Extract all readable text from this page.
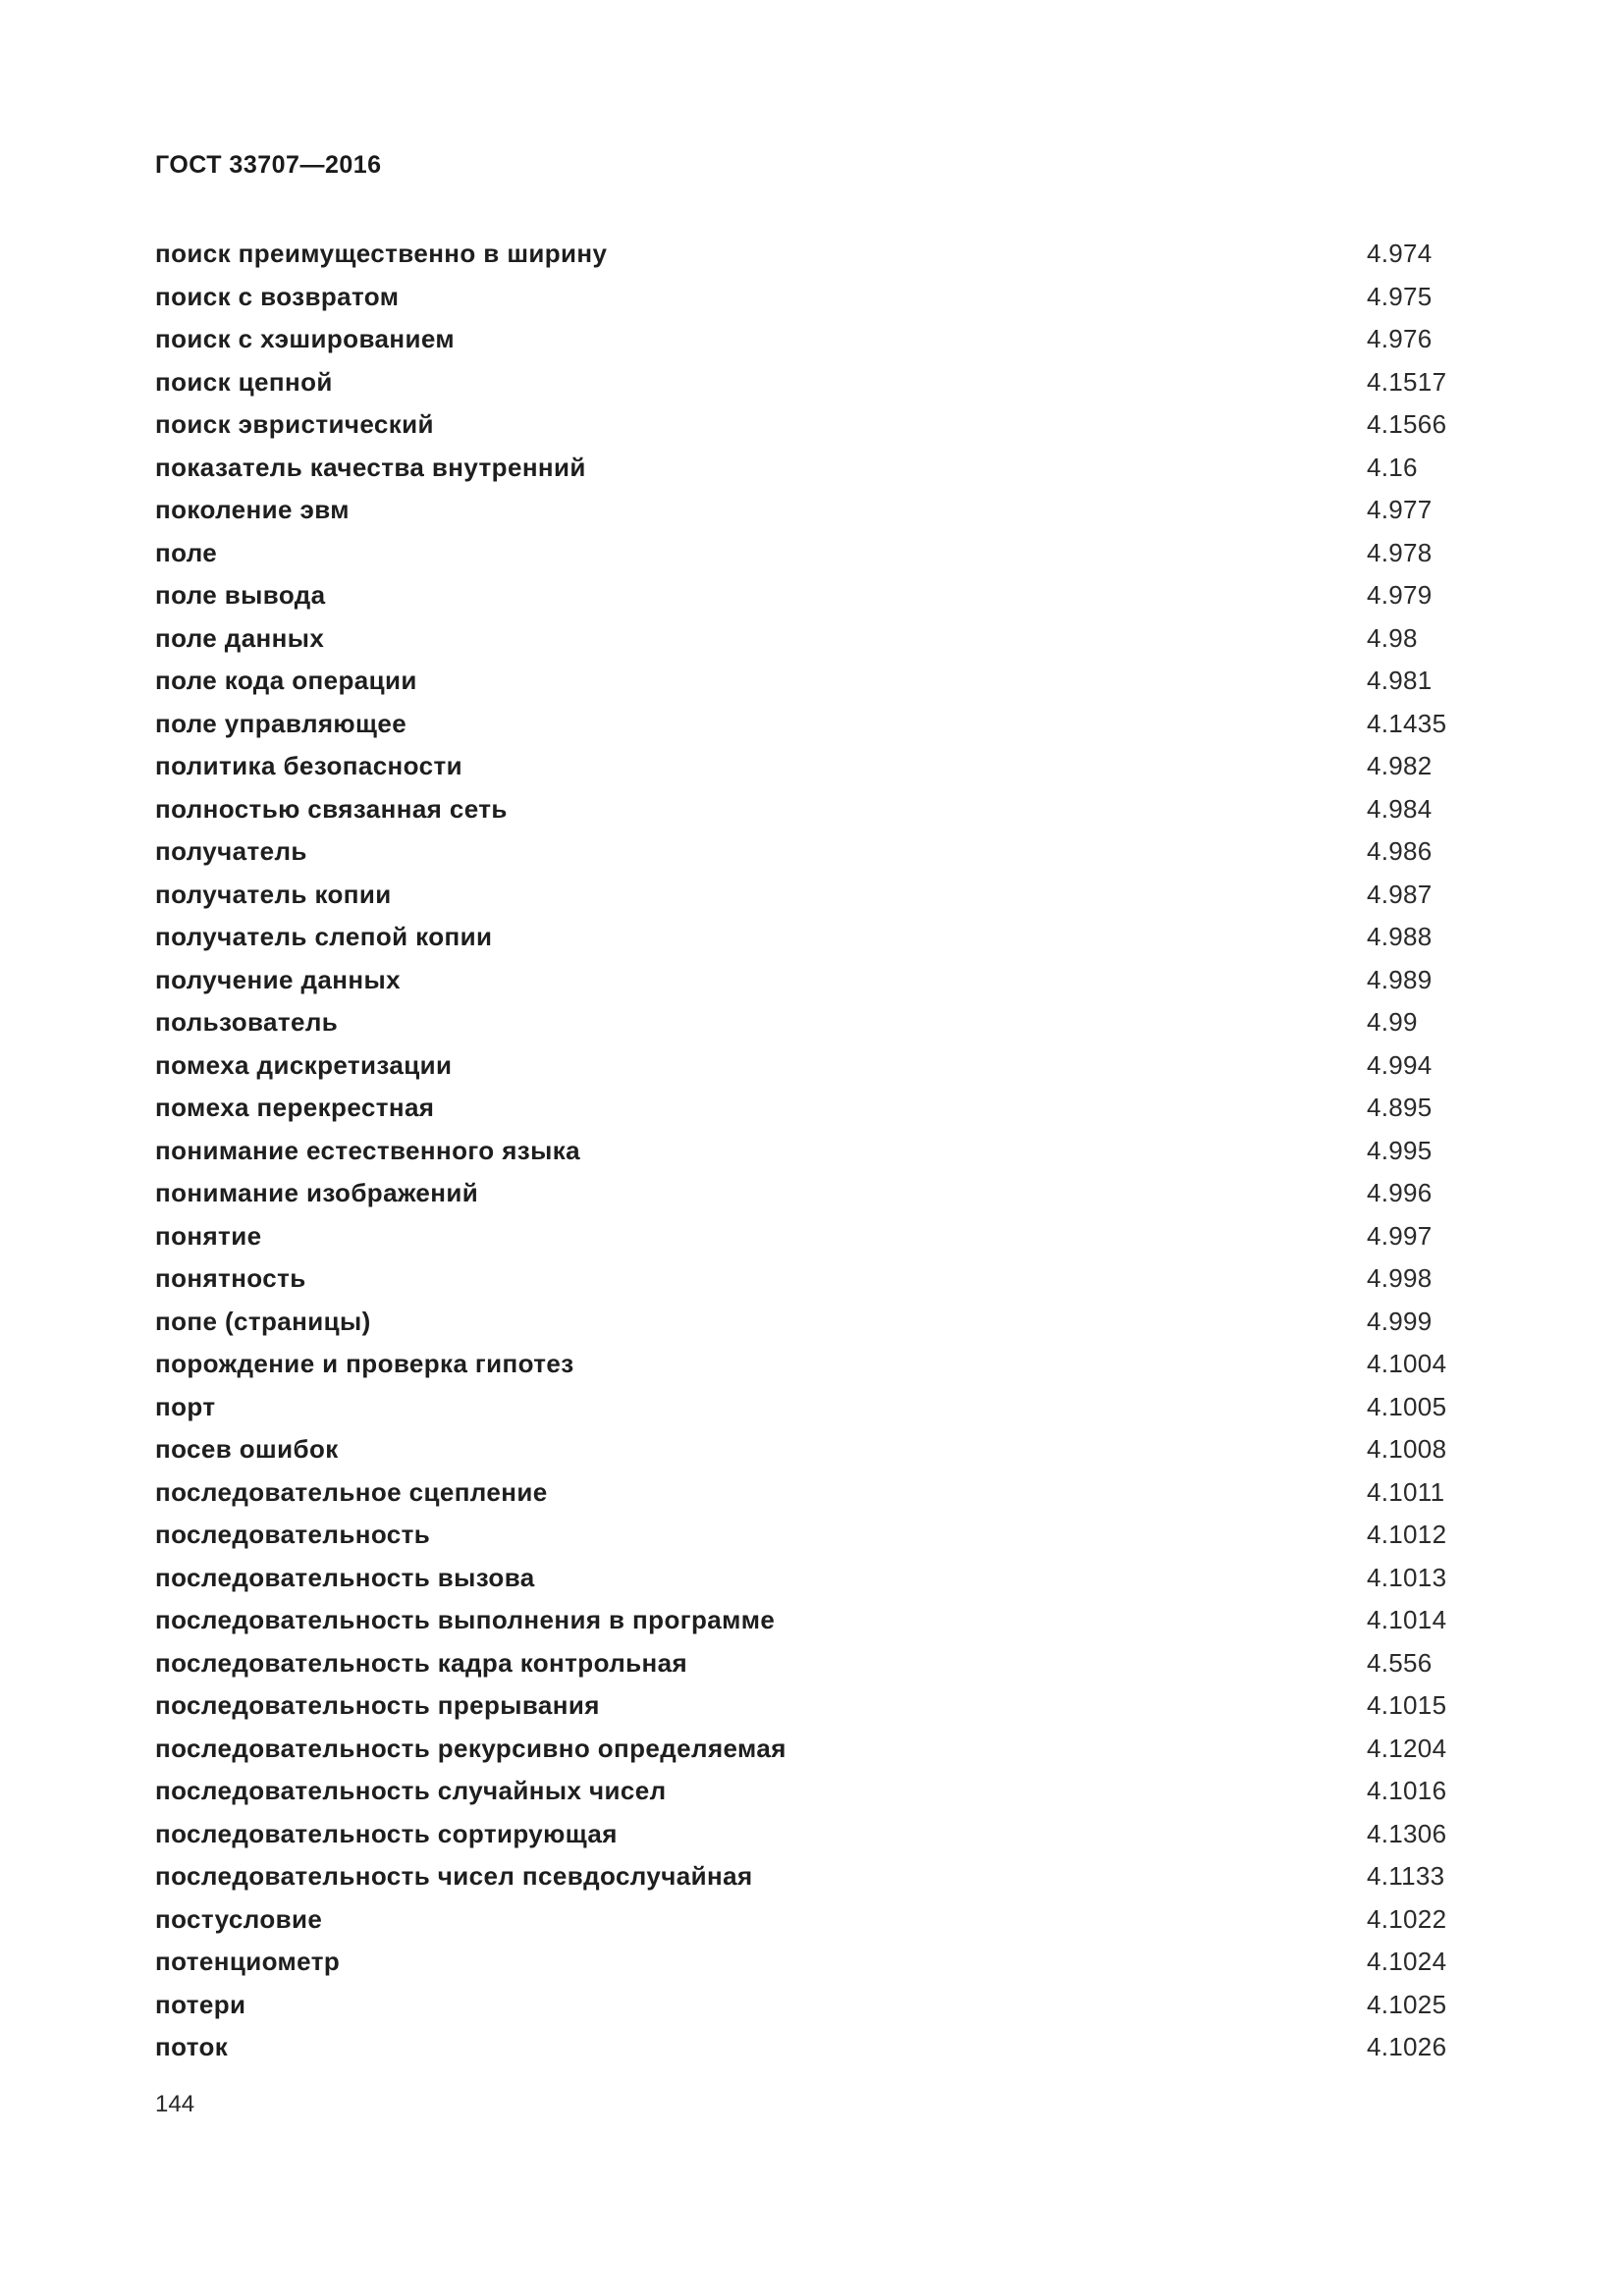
ГОСТ 33707—2016
поиск преимущественно в ширину	4.974
поиск с возвратом	4.975
поиск с хэшированием	4.976
поиск цепной	4.1517
поиск эвристический	4.1566
показатель качества внутренний	4.16
поколение эвм	4.977
поле	4.978
поле вывода	4.979
поле данных	4.98
поле кода операции	4.981
поле управляющее	4.1435
политика безопасности	4.982
полностью связанная сеть	4.984
получатель	4.986
получатель копии	4.987
получатель слепой копии	4.988
получение данных	4.989
пользователь	4.99
помеха дискретизации	4.994
помеха перекрестная	4.895
понимание естественного языка	4.995
понимание изображений	4.996
понятие	4.997
понятность	4.998
попе (страницы)	4.999
порождение и проверка гипотез	4.1004
порт	4.1005
посев ошибок	4.1008
последовательное сцепление	4.1011
последовательность	4.1012
последовательность вызова	4.1013
последовательность выполнения в программе	4.1014
последовательность кадра контрольная	4.556
последовательность прерывания	4.1015
последовательность рекурсивно определяемая	4.1204
последовательность случайных чисел	4.1016
последовательность сортирующая	4.1306
последовательность чисел псевдослучайная	4.1133
постусловие	4.1022
потенциометр	4.1024
потери	4.1025
поток	4.1026
144
